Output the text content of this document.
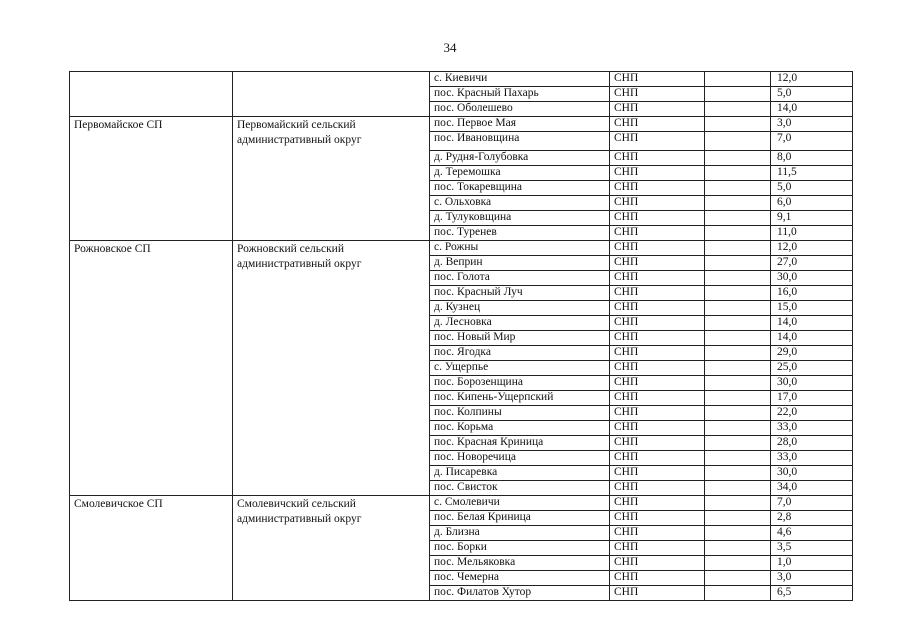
34
		с. Киевичи	СНП		12,0
		пос. Красный Пахарь	СНП		5,0
		пос. Оболешево	СНП		14,0
Первомайское СП	Первомайский сельский административный округ	пос. Первое Мая	СНП		3,0
		пос. Ивановщина	СНП		7,0
		д. Рудня-Голубовка	СНП		8,0
		д. Теремошка	СНП		11,5
		пос. Токаревщина	СНП		5,0
		с. Ольховка	СНП		6,0
		д. Тулуковщина	СНП		9,1
		пос. Туренев	СНП		11,0
Рожновское СП	Рожновский сельский административный округ	с. Рожны	СНП		12,0
		д. Веприн	СНП		27,0
		пос. Голота	СНП		30,0
		пос. Красный Луч	СНП		16,0
		д. Кузнец	СНП		15,0
		д. Лесновка	СНП		14,0
		пос. Новый Мир	СНП		14,0
		пос. Ягодка	СНП		29,0
		с. Ущерпье	СНП		25,0
		пос. Борозенщина	СНП		30,0
		пос. Кипень-Ущерпский	СНП		17,0
		пос. Колпины	СНП		22,0
		пос. Корьма	СНП		33,0
		пос. Красная Криница	СНП		28,0
		пос. Новоречица	СНП		33,0
		д. Писаревка	СНП		30,0
		пос. Свисток	СНП		34,0
Смолевичское СП	Смолевичский сельский административный округ	с. Смолевичи	СНП		7,0
		пос. Белая Криница	СНП		2,8
		д. Близна	СНП		4,6
		пос. Борки	СНП		3,5
		пос. Мельяковка	СНП		1,0
		пос. Чемерна	СНП		3,0
		пос. Филатов Хутор	СНП		6,5
